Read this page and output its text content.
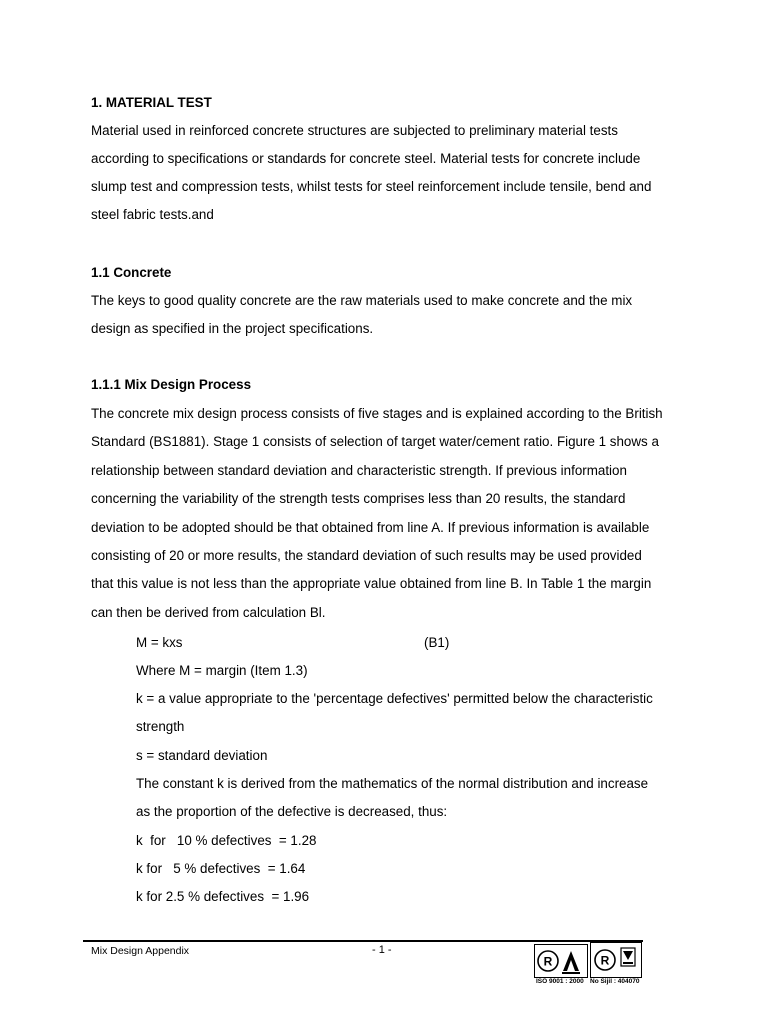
1. MATERIAL TEST
Material used in reinforced concrete structures are subjected to preliminary material tests
according to specifications or standards for concrete steel. Material tests for concrete include
slump test and compression tests, whilst tests for steel reinforcement include tensile, bend and
steel fabric tests.and
1.1 Concrete
The keys to good quality concrete are the raw materials used to make concrete and the mix
design as specified in the project specifications.
1.1.1 Mix Design Process
The concrete mix design process consists of five stages and is explained according to the British
Standard (BS1881). Stage 1 consists of selection of target water/cement ratio. Figure 1 shows a
relationship between standard deviation and characteristic strength. If previous information
concerning the variability of the strength tests comprises less than 20 results, the standard
deviation to be adopted should be that obtained from line A. If previous information is available
consisting of 20 or more results, the standard deviation of such results may be used provided
that this value is not less than the appropriate value obtained from line B. In Table 1 the margin
can then be derived from calculation Bl.
M = kxs	(B1)
Where M = margin (Item 1.3)
k = a value appropriate to the 'percentage defectives' permitted below the characteristic
strength
s = standard deviation
The constant k is derived from the mathematics of the normal distribution and increase
as the proportion of the defective is decreased, thus:
k  for   10 % defectives  = 1.28
k for   5 % defectives  = 1.64
k for 2.5 % defectives  = 1.96
Mix Design Appendix	- 1 -
R	R
ISO 9001 : 2000 No Sijil : 404070
